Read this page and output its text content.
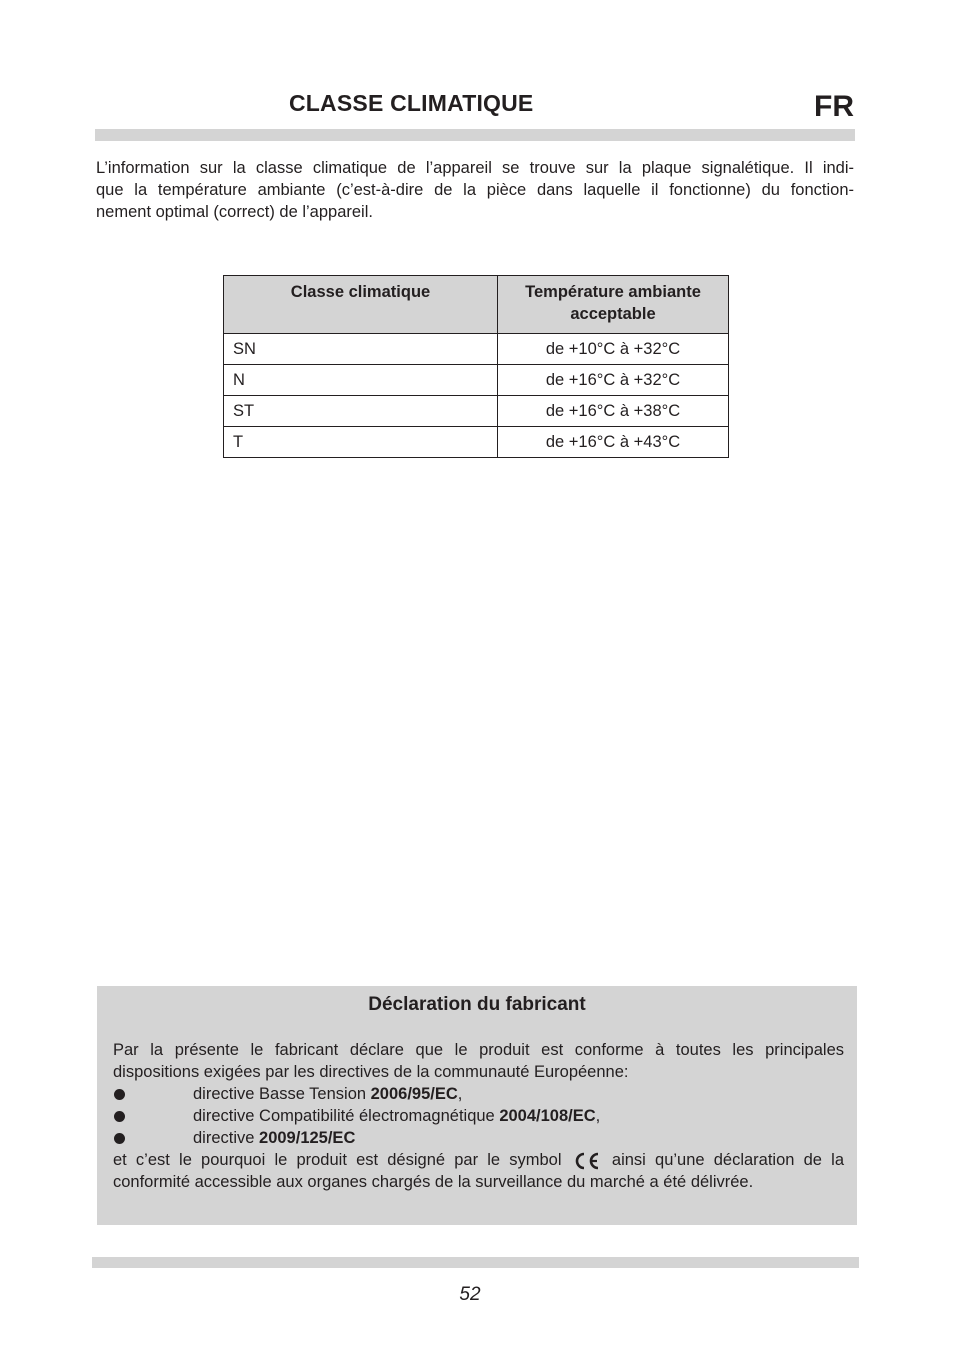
CLASSE CLIMATIQUE	FR
L’information sur la classe climatique de l’appareil se trouve sur la plaque signalétique. Il indi-
que la température ambiante (c’est-à-dire de la pièce dans laquelle il fonctionne) du fonction-
nement optimal (correct) de l’appareil.
Classe climatique	Température ambiante acceptable
SN	de +10°C à +32°C
N	de +16°C à +32°C
ST	de +16°C à +38°C
T	de +16°C à +43°C
Déclaration du fabricant
Par la présente le fabricant déclare que le produit est conforme à toutes les principales
dispositions exigées par les directives de la communauté Européenne:
directive Basse Tension 2006/95/EC,
directive Compatibilité électromagnétique 2004/108/EC,
directive 2009/125/EC
et c’est le pourquoi le produit est désigné par le symbol	ainsi qu’une déclaration de la
conformité accessible aux organes chargés de la surveillance du marché a été délivrée.
52
